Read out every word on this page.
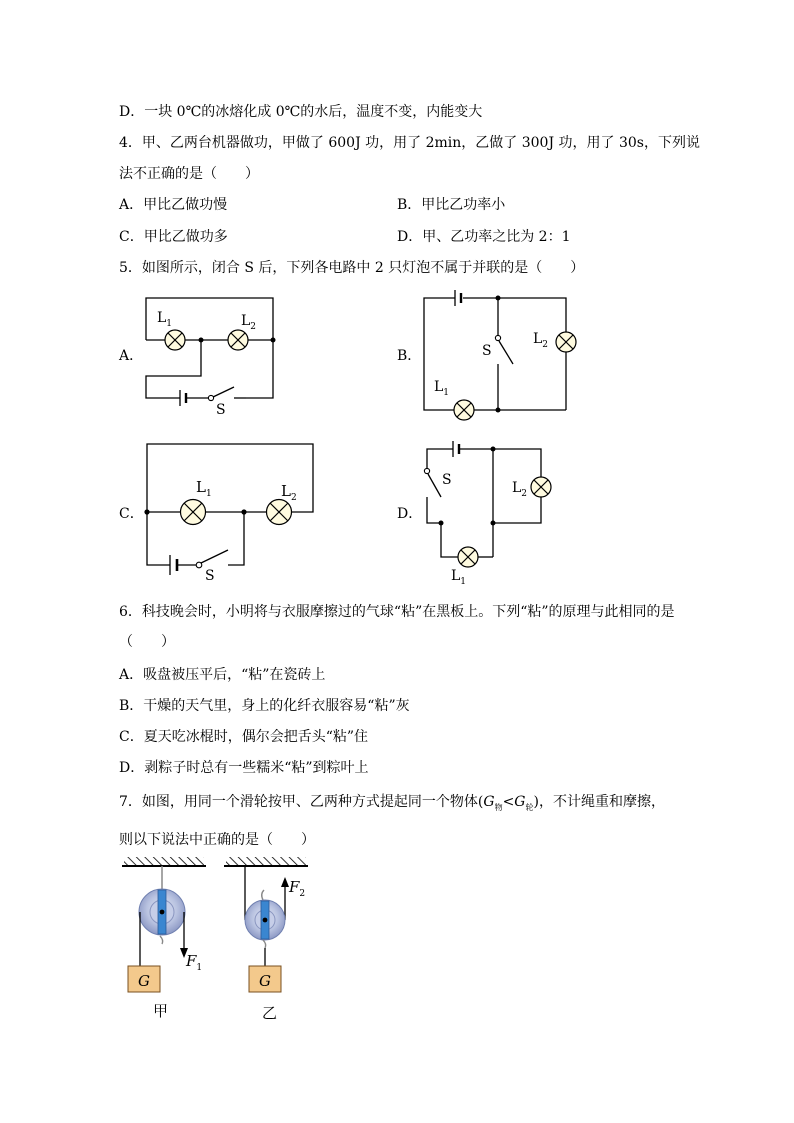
D．一块 0℃的冰熔化成 0℃的水后，温度不变，内能变大
4．甲、乙两台机器做功，甲做了 600J 功，用了 2min，乙做了 300J 功，用了 30s，下列说
法不正确的是（　　）
A．甲比乙做功慢	B．甲比乙功率小
C．甲比乙做功多	D．甲、乙功率之比为 2：1
5．如图所示，闭合 S 后，下列各电路中 2 只灯泡不属于并联的是（　　）
6．科技晚会时，小明将与衣服摩擦过的气球“粘”在黑板上。下列“粘”的原理与此相同的是
（　　）
A．吸盘被压平后，“粘”在瓷砖上
B．干燥的天气里，身上的化纤衣服容易“粘”灰
C．夏天吃冰棍时，偶尔会把舌头“粘”住
D．剥粽子时总有一些糯米“粘”到粽叶上
7．如图，用同一个滑轮按甲、乙两种方式提起同一个物体$(G_物<G_轮)$，不计绳重和摩擦，
则以下说法中正确的是（　　）
A．
$L_1$	$L_2$
S
B．
$L_1$
$L_2$
S
C．
$L_1$	$L_2$
S
D．
$L_2$
$L_1$
S
G
$F_1$
甲
G
$F_2$
乙
